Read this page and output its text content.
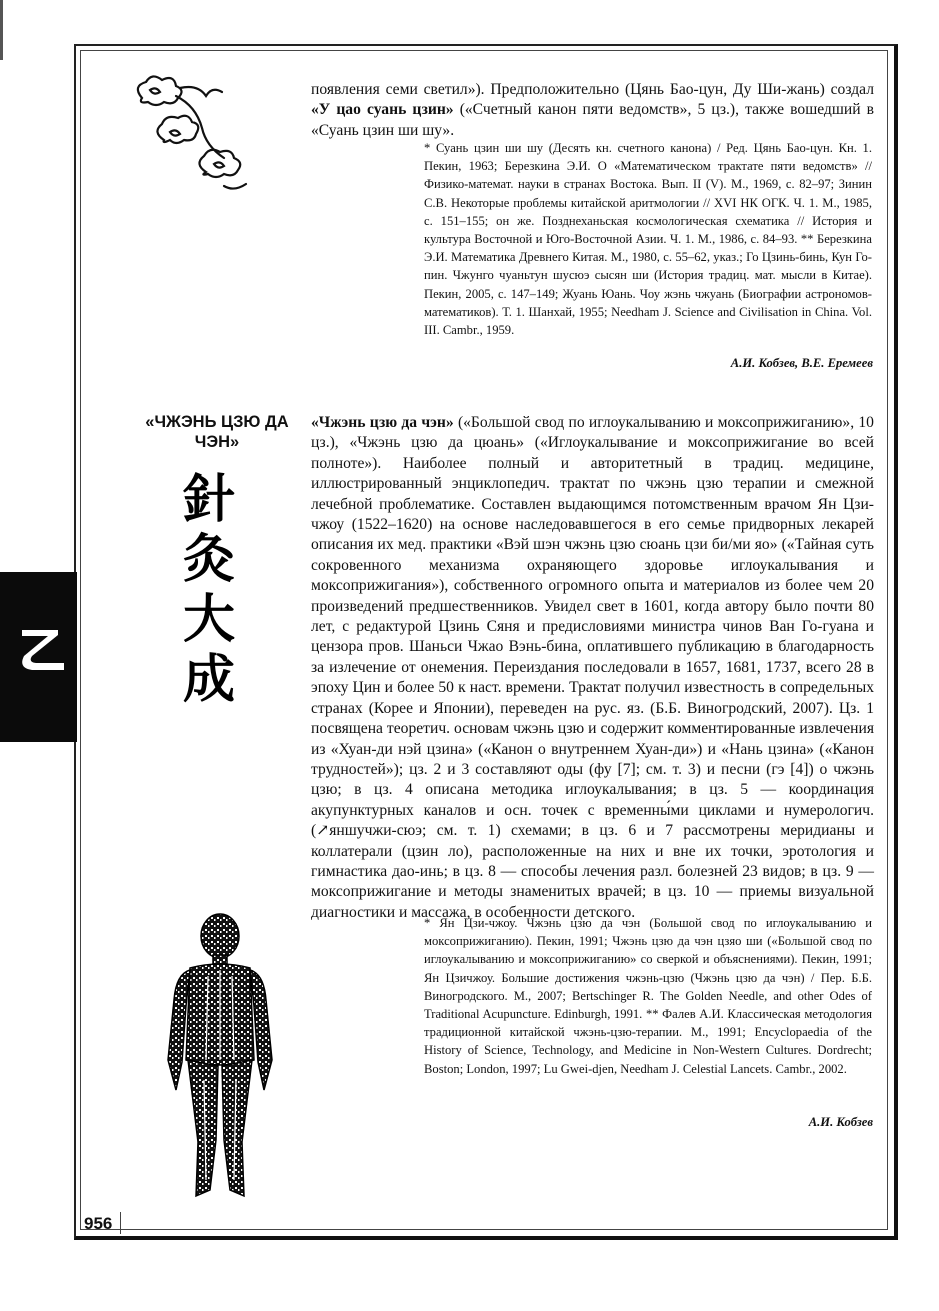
956

появления семи светил»). Предположительно (Цянь Бао-цун, Ду Ши-жань) создал «У цао суань цзин» («Счетный канон пяти ведомств», 5 цз.), также вошедший в «Суань цзин ши шу».

* Суань цзин ши шу (Десять кн. счетного канона) / Ред. Цянь Бао-цун. Кн. 1. Пекин, 1963; Березкина Э.И. О «Математическом трактате пяти ведомств» // Физико-математ. науки в странах Востока. Вып. II (V). М., 1969, с. 82–97; Зинин С.В. Некоторые проблемы китайской аритмологии // XVI НК ОГК. Ч. 1. М., 1985, с. 151–155; он же. Позднеханьская космологическая схематика // История и культура Восточной и Юго-Восточной Азии. Ч. 1. М., 1986, с. 84–93. ** Березкина Э.И. Математика Древнего Китая. М., 1980, с. 55–62, указ.; Го Цзинь-бинь, Кун Го-пин. Чжунго чуаньтун шусюэ сысян ши (История традиц. мат. мысли в Китае). Пекин, 2005, с. 147–149; Жуань Юань. Чоу жэнь чжуань (Биографии астрономов-математиков). Т. 1. Шанхай, 1955; Needham J. Science and Civilisation in China. Vol. III. Cambr., 1959.

А.И. Кобзев, В.Е. Еремеев

«ЧЖЭНЬ ЦЗЮ ДА ЧЭН»

針
灸
大
成

«Чжэнь цзю да чэн» («Большой свод по иглоукалыванию и моксоприжиганию», 10 цз.), «Чжэнь цзю да цюань» («Иглоукалывание и моксоприжигание во всей полноте»). Наиболее полный и авторитетный в традиц. медицине, иллюстрированный энциклопедич. трактат по чжэнь цзю терапии и смежной лечебной проблематике. Составлен выдающимся потомственным врачом Ян Цзи-чжоу (1522–1620) на основе наследовавшегося в его семье придворных лекарей описания их мед. практики «Вэй шэн чжэнь цзю сюань цзи би/ми яо» («Тайная суть сокровенного механизма охраняющего здоровье иглоукалывания и моксоприжигания»), собственного огромного опыта и материалов из более чем 20 произведений предшественников. Увидел свет в 1601, когда автору было почти 80 лет, с редактурой Цзинь Сяня и предисловиями министра чинов Ван Го-гуана и цензора пров. Шаньси Чжао Вэнь-бина, оплатившего публикацию в благодарность за излечение от онемения. Переиздания последовали в 1657, 1681, 1737, всего 28 в эпоху Цин и более 50 к наст. времени. Трактат получил известность в сопредельных странах (Корее и Японии), переведен на рус. яз. (Б.Б. Виногродский, 2007). Цз. 1 посвящена теоретич. основам чжэнь цзю и содержит комментированные извлечения из «Хуан-ди нэй цзина» («Канон о внутреннем Хуан-ди») и «Нань цзина» («Канон трудностей»); цз. 2 и 3 составляют оды (фу [7]; см. т. 3) и песни (гэ [4]) о чжэнь цзю; в цз. 4 описана методика иглоукалывания; в цз. 5 — координация акупунктурных каналов и осн. точек с временны́ми циклами и нумерологич. (↗яншучжи-сюэ; см. т. 1) схемами; в цз. 6 и 7 рассмотрены меридианы и коллатерали (цзин ло), расположенные на них и вне их точки, эротология и гимнастика дао-инь; в цз. 8 — способы лечения разл. болезней 23 видов; в цз. 9 — моксоприжигание и методы знаменитых врачей; в цз. 10 — приемы визуальной диагностики и массажа, в особенности детского.

* Ян Цзи-чжоу. Чжэнь цзю да чэн (Большой свод по иглоукалыванию и моксоприжиганию). Пекин, 1991; Чжэнь цзю да чэн цзяо ши («Большой свод по иглоукалыванию и моксоприжиганию» со сверкой и объяснениями). Пекин, 1991; Ян Цзичжоу. Большие достижения чжэнь-цзю (Чжэнь цзю да чэн) / Пер. Б.Б. Виногродского. М., 2007; Bertschinger R. The Golden Needle, and other Odes of Traditional Acupuncture. Edinburgh, 1991. ** Фалев А.И. Классическая методология традиционной китайской чжэнь-цзю-терапии. М., 1991; Encyclopaedia of the History of Science, Technology, and Medicine in Non-Western Cultures. Dordrecht; Boston; London, 1997; Lu Gwei-djen, Needham J. Celestial Lancets. Cambr., 2002.

А.И. Кобзев
